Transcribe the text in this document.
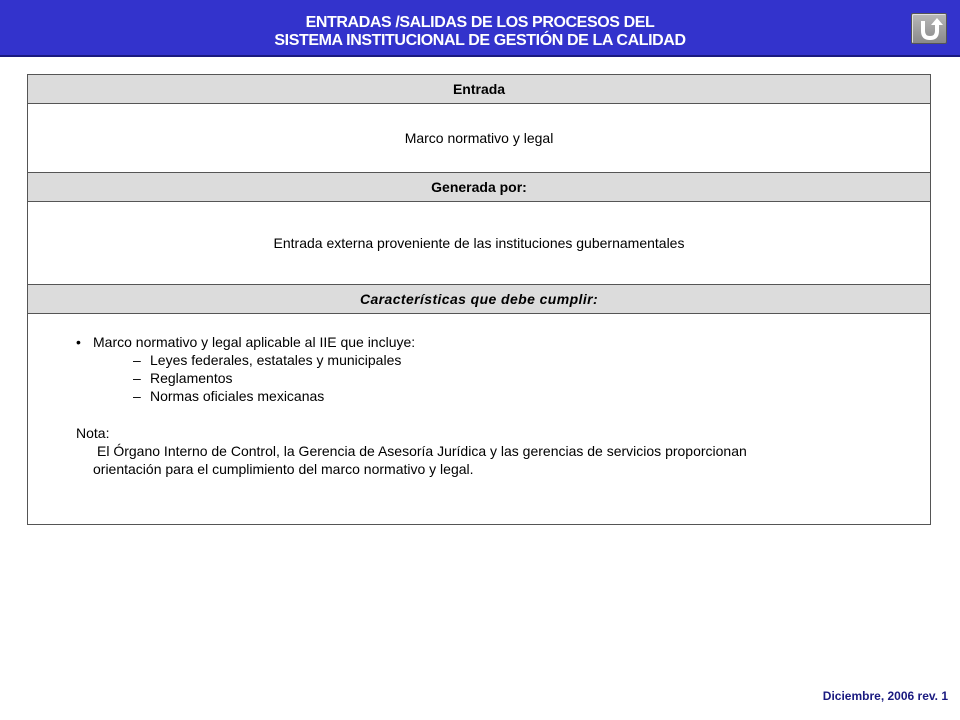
ENTRADAS /SALIDAS DE LOS PROCESOS DEL
SISTEMA INSTITUCIONAL DE GESTIÓN DE LA CALIDAD
Entrada
Marco normativo y legal
Generada por:
Entrada externa proveniente de las instituciones gubernamentales
Características que debe cumplir:
• Marco normativo y legal aplicable al IIE que incluye:
– Leyes federales, estatales y municipales
– Reglamentos
– Normas oficiales mexicanas
Nota:
El Órgano Interno de Control, la Gerencia de Asesoría Jurídica y las gerencias de servicios proporcionan
orientación para el cumplimiento del marco normativo y legal.
Diciembre, 2006 rev. 1
